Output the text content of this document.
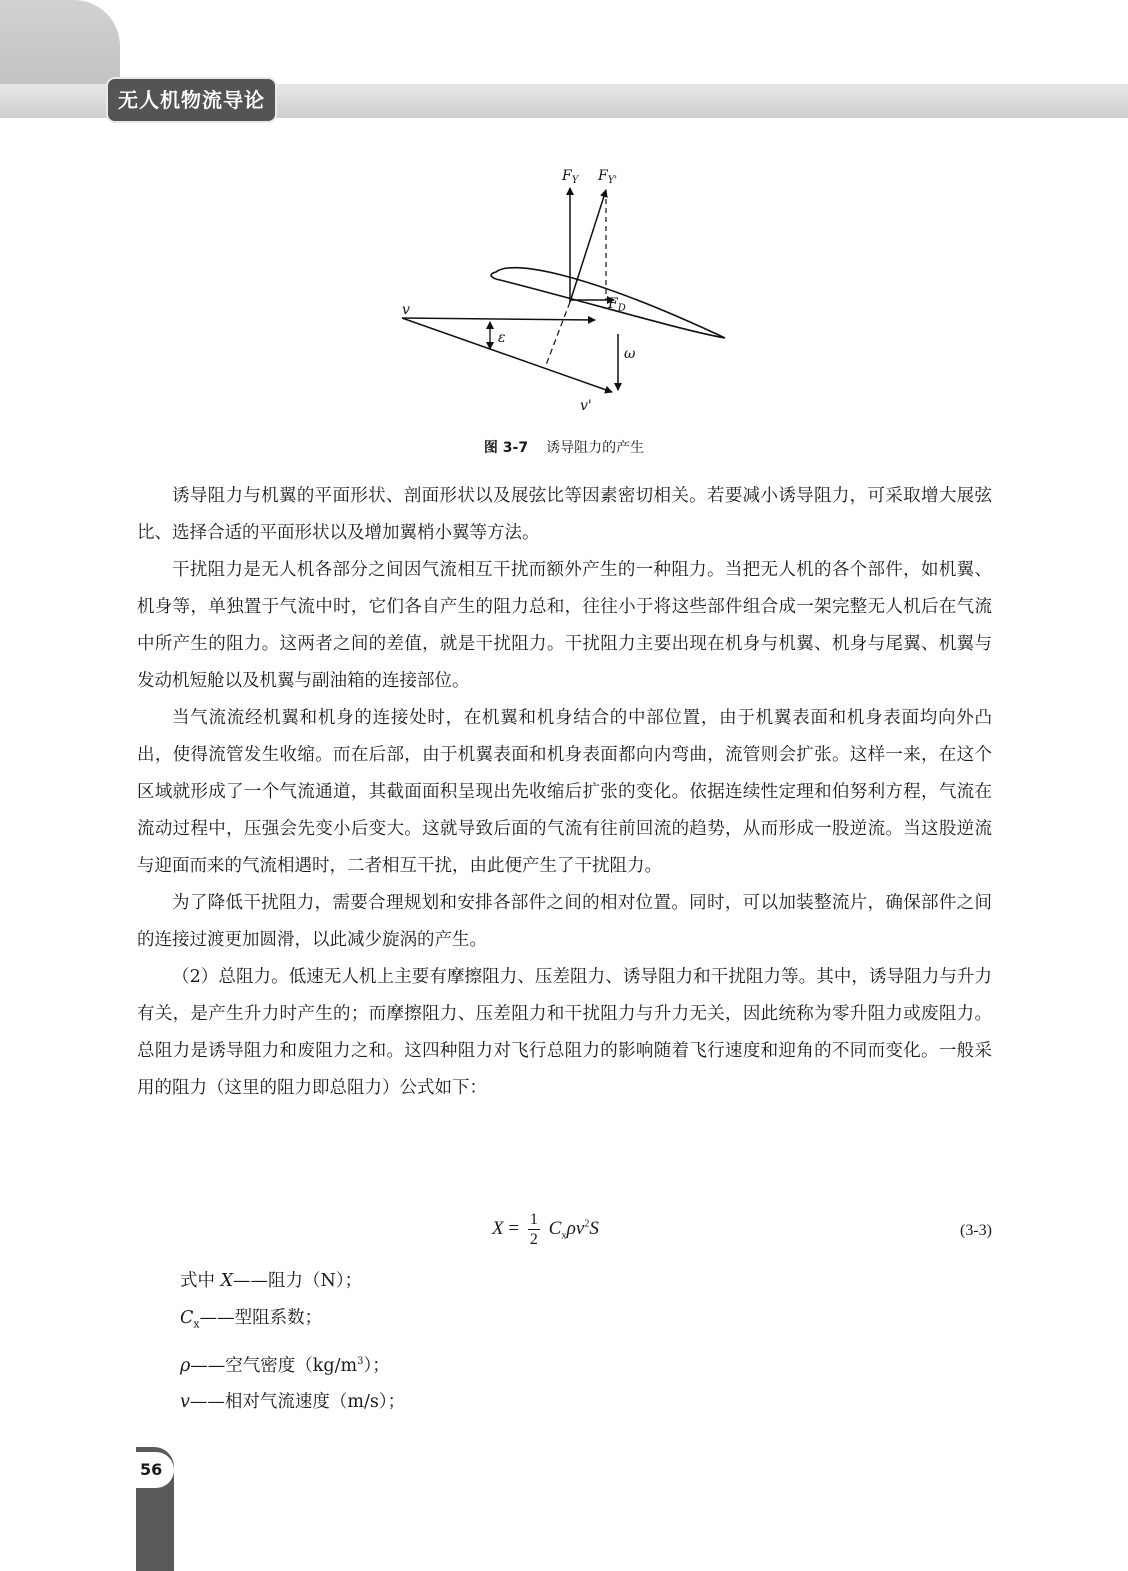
无人机物流导论
$F_Y$ $F_{Y'}$
$F_D$
v
ε
ω
v'
图 3-7 诱导阻力的产生

诱导阻力与机翼的平面形状、剖面形状以及展弦比等因素密切相关。若要减小诱导阻力，可采取增大展弦比、选择合适的平面形状以及增加翼梢小翼等方法。

干扰阻力是无人机各部分之间因气流相互干扰而额外产生的一种阻力。当把无人机的各个部件，如机翼、机身等，单独置于气流中时，它们各自产生的阻力总和，往往小于将这些部件组合成一架完整无人机后在气流中所产生的阻力。这两者之间的差值，就是干扰阻力。干扰阻力主要出现在机身与机翼、机身与尾翼、机翼与发动机短舱以及机翼与副油箱的连接部位。

当气流流经机翼和机身的连接处时，在机翼和机身结合的中部位置，由于机翼表面和机身表面均向外凸出，使得流管发生收缩。而在后部，由于机翼表面和机身表面都向内弯曲，流管则会扩张。这样一来，在这个区域就形成了一个气流通道，其截面面积呈现出先收缩后扩张的变化。依据连续性定理和伯努利方程，气流在流动过程中，压强会先变小后变大。这就导致后面的气流有往前回流的趋势，从而形成一股逆流。当这股逆流与迎面而来的气流相遇时，二者相互干扰，由此便产生了干扰阻力。

为了降低干扰阻力，需要合理规划和安排各部件之间的相对位置。同时，可以加装整流片，确保部件之间的连接过渡更加圆滑，以此减少旋涡的产生。

（2）总阻力。低速无人机上主要有摩擦阻力、压差阻力、诱导阻力和干扰阻力等。其中，诱导阻力与升力有关，是产生升力时产生的；而摩擦阻力、压差阻力和干扰阻力与升力无关，因此统称为零升阻力或废阻力。总阻力是诱导阻力和废阻力之和。这四种阻力对飞行总阻力的影响随着飞行速度和迎角的不同而变化。一般采用的阻力（这里的阻力即总阻力）公式如下：

$X = \frac{1}{2} C_x\rho v^2S$	(3-3)
式中 X——阻力（N）；
$C_x——$型阻系数；
ρ——空气密度$(kg/m^3)$；
v——相对气流速度（m/s）；
56
